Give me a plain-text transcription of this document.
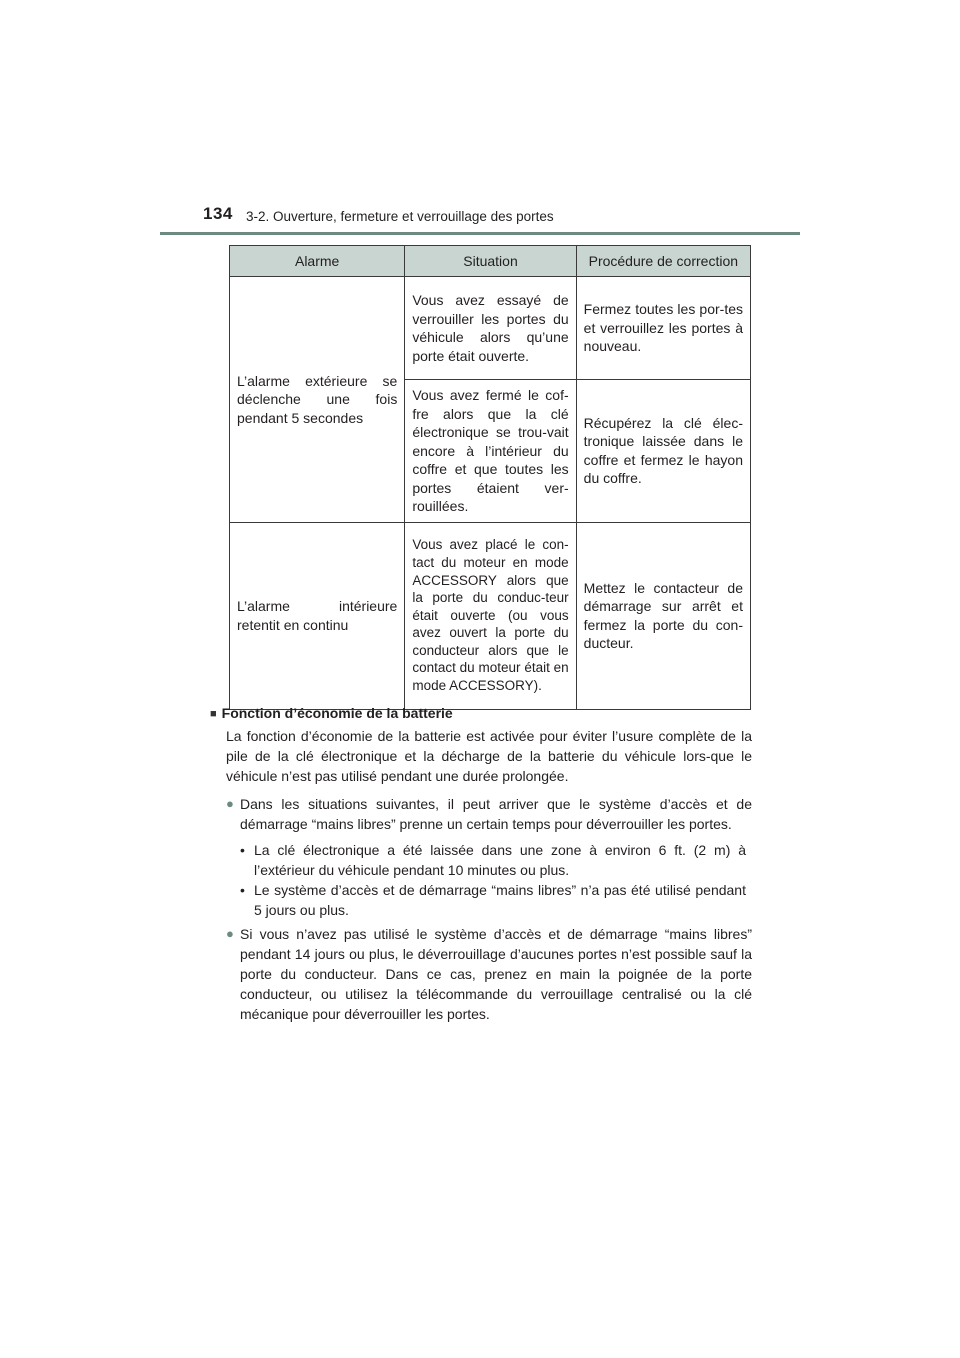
134 3-2. Ouverture, fermeture et verrouillage des portes
Alarme	Situation	Procédure de correction
L’alarme extérieure se déclenche une fois pendant 5 secondes	Vous avez essayé de verrouiller les portes du véhicule alors qu’une porte était ouverte.	Fermez toutes les por-tes et verrouillez les portes à nouveau.
	Vous avez fermé le cof-fre alors que la clé électronique se trou-vait encore à l’intérieur du coffre et que toutes les portes étaient ver-rouillées.	Récupérez la clé élec-tronique laissée dans le coffre et fermez le hayon du coffre.
L’alarme intérieure retentit en continu	Vous avez placé le con-tact du moteur en mode ACCESSORY alors que la porte du conduc-teur était ouverte (ou vous avez ouvert la porte du conducteur alors que le contact du moteur était en mode ACCESSORY).	Mettez le contacteur de démarrage sur arrêt et fermez la porte du con-ducteur.
■ Fonction d’économie de la batterie

La fonction d’économie de la batterie est activée pour éviter l’usure complète de la pile de la clé électronique et la décharge de la batterie du véhicule lors-que le véhicule n’est pas utilisé pendant une durée prolongée.

● Dans les situations suivantes, il peut arriver que le système d’accès et de démarrage “mains libres” prenne un certain temps pour déverrouiller les portes.
• La clé électronique a été laissée dans une zone à environ 6 ft. (2 m) à l’extérieur du véhicule pendant 10 minutes ou plus.
• Le système d’accès et de démarrage “mains libres” n’a pas été utilisé pendant 5 jours ou plus.
● Si vous n’avez pas utilisé le système d’accès et de démarrage “mains libres” pendant 14 jours ou plus, le déverrouillage d’aucunes portes n’est possible sauf la porte du conducteur. Dans ce cas, prenez en main la poignée de la porte conducteur, ou utilisez la télécommande du verrouillage centralisé ou la clé mécanique pour déverrouiller les portes.
